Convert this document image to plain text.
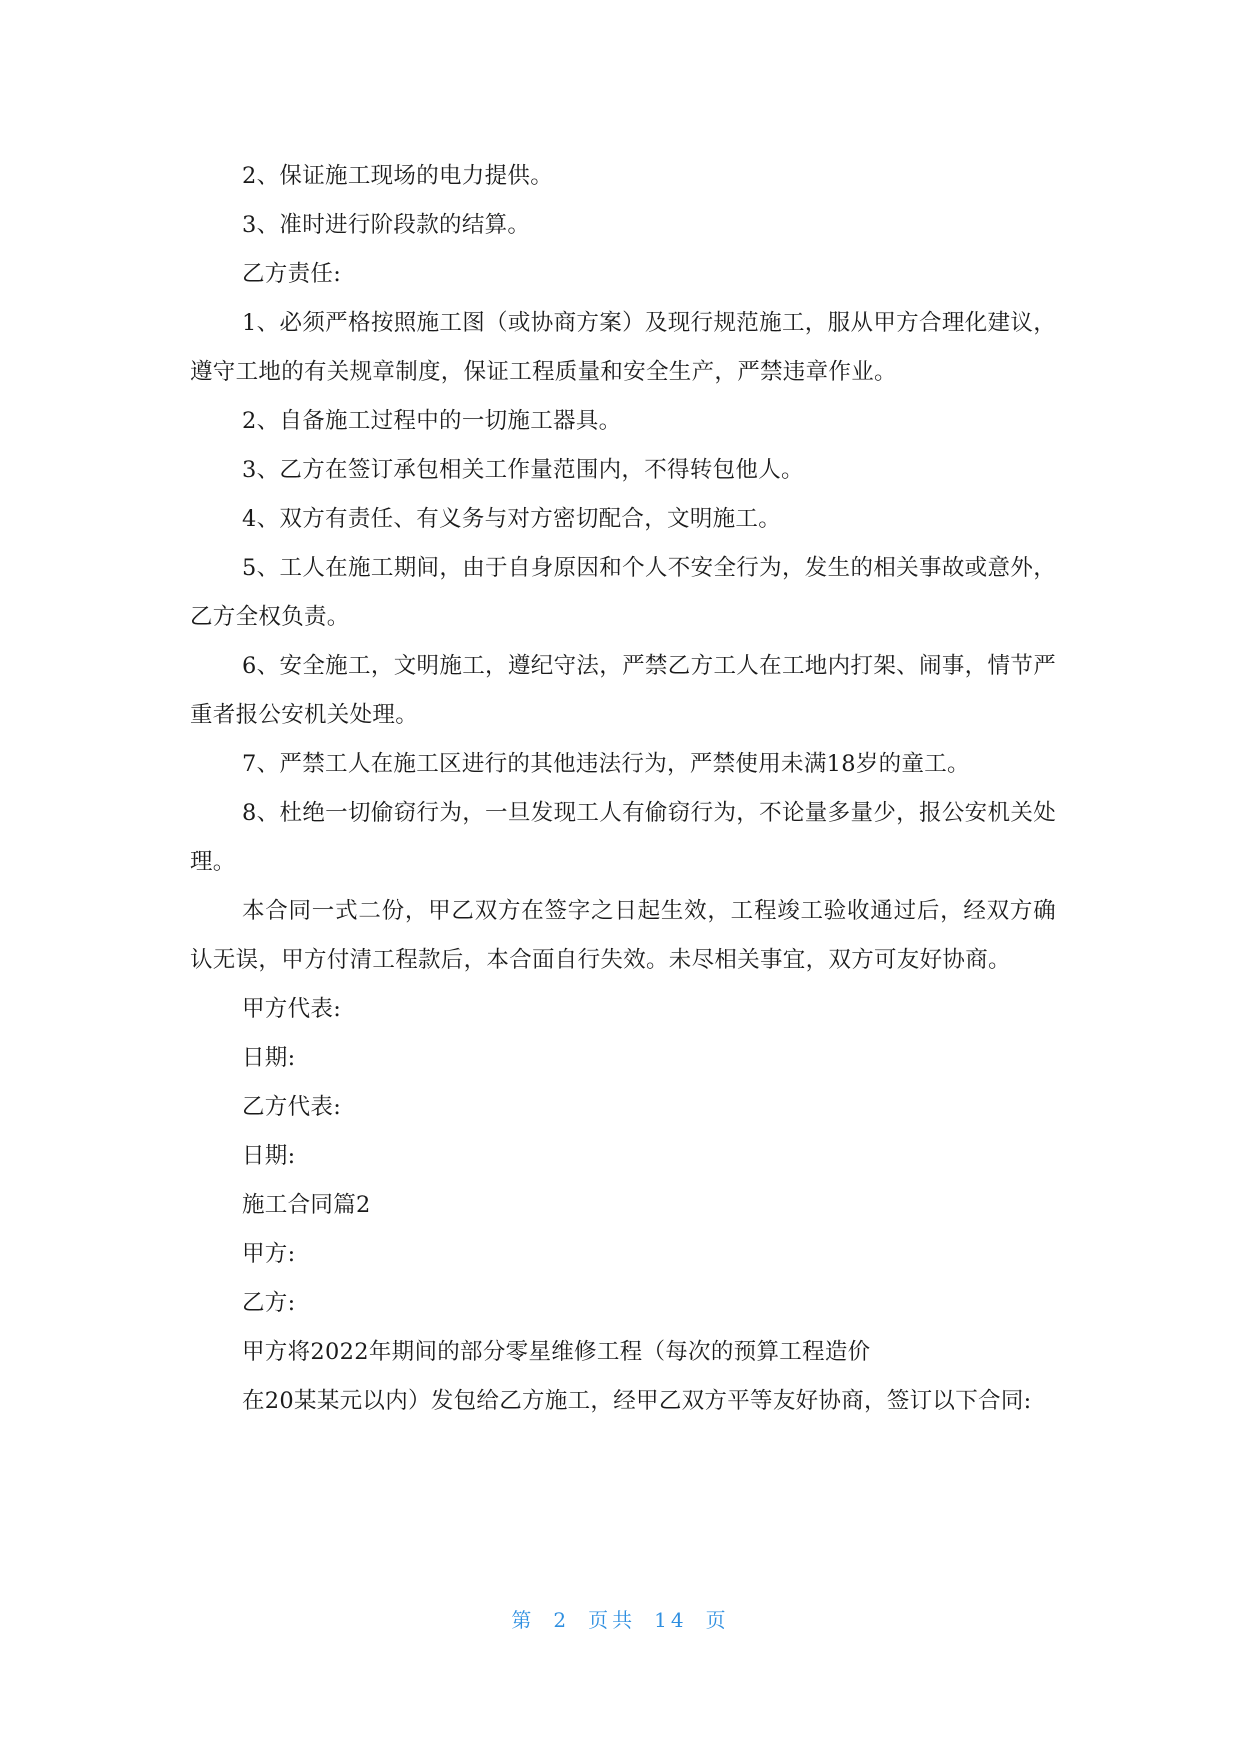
2、保证施工现场的电力提供。

3、准时进行阶段款的结算。

乙方责任:

1、必须严格按照施工图（或协商方案）及现行规范施工，服从甲方合理化建议，遵守工地的有关规章制度，保证工程质量和安全生产，严禁违章作业。

2、自备施工过程中的一切施工器具。

3、乙方在签订承包相关工作量范围内，不得转包他人。

4、双方有责任、有义务与对方密切配合，文明施工。

5、工人在施工期间，由于自身原因和个人不安全行为，发生的相关事故或意外，乙方全权负责。

6、安全施工，文明施工，遵纪守法，严禁乙方工人在工地内打架、闹事，情节严重者报公安机关处理。

7、严禁工人在施工区进行的其他违法行为，严禁使用未满18岁的童工。

8、杜绝一切偷窃行为，一旦发现工人有偷窃行为，不论量多量少，报公安机关处理。

本合同一式二份，甲乙双方在签字之日起生效，工程竣工验收通过后，经双方确认无误，甲方付清工程款后，本合面自行失效。未尽相关事宜，双方可友好协商。

甲方代表:

日期:

乙方代表:

日期:

施工合同篇2

甲方:

乙方:

甲方将2022年期间的部分零星维修工程（每次的预算工程造价

在20某某元以内）发包给乙方施工，经甲乙双方平等友好协商，签订以下合同:

第 2 页共 14 页
